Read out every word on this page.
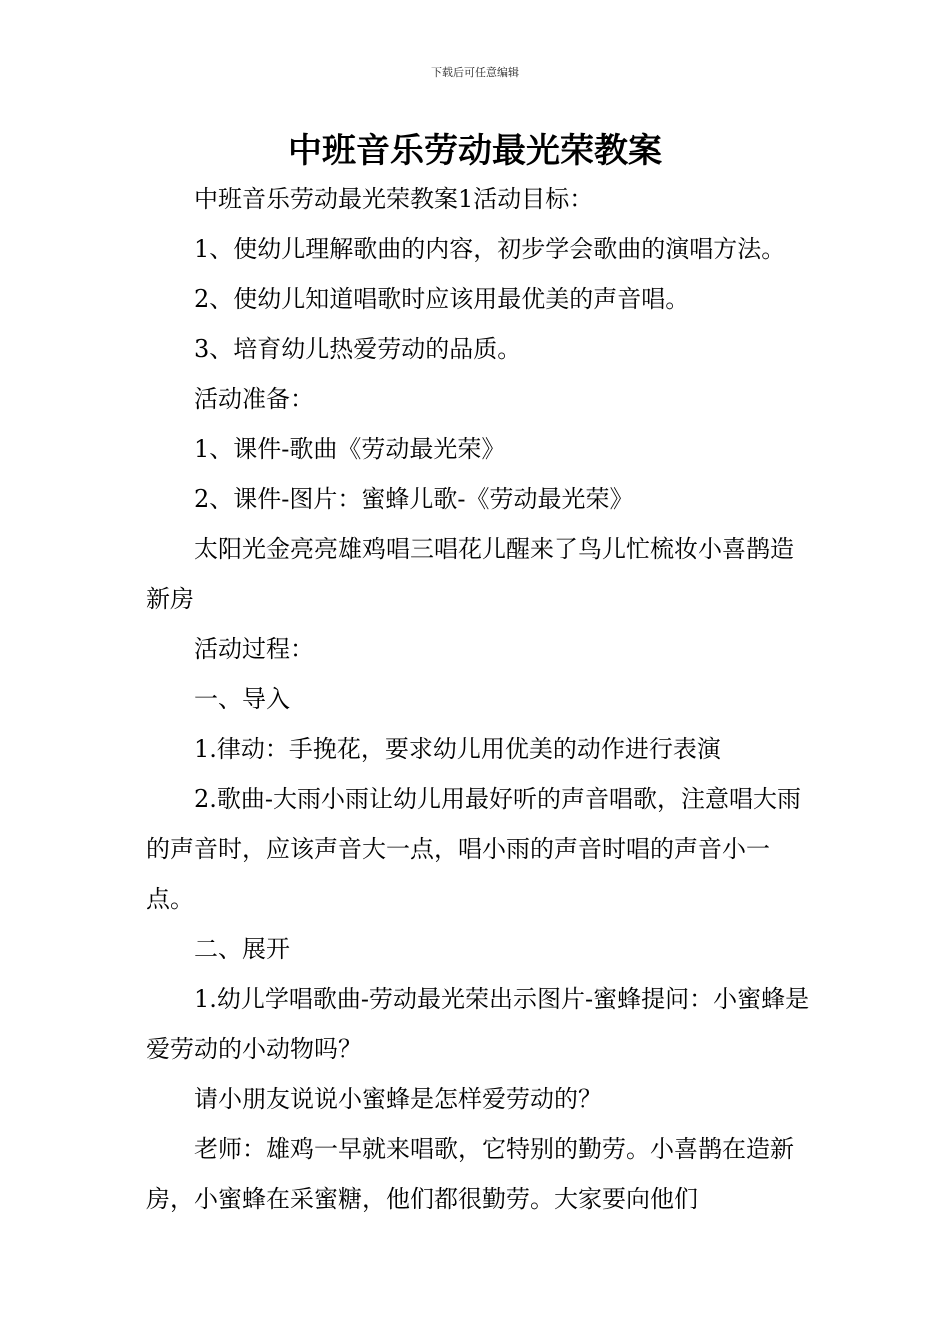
下载后可任意编辑
中班音乐劳动最光荣教案

中班音乐劳动最光荣教案1活动目标：

1、使幼儿理解歌曲的内容，初步学会歌曲的演唱方法。

2、使幼儿知道唱歌时应该用最优美的声音唱。

3、培育幼儿热爱劳动的品质。

活动准备：

1、课件-歌曲《劳动最光荣》

2、课件-图片：蜜蜂儿歌-《劳动最光荣》

太阳光金亮亮雄鸡唱三唱花儿醒来了鸟儿忙梳妆小喜鹊造新房

活动过程：

一、导入

1.律动：手挽花，要求幼儿用优美的动作进行表演

2.歌曲-大雨小雨让幼儿用最好听的声音唱歌，注意唱大雨的声音时，应该声音大一点，唱小雨的声音时唱的声音小一点。

二、展开

1.幼儿学唱歌曲-劳动最光荣出示图片-蜜蜂提问：小蜜蜂是爱劳动的小动物吗？

请小朋友说说小蜜蜂是怎样爱劳动的？

老师：雄鸡一早就来唱歌，它特别的勤劳。小喜鹊在造新房，小蜜蜂在采蜜糖，他们都很勤劳。大家要向他们
